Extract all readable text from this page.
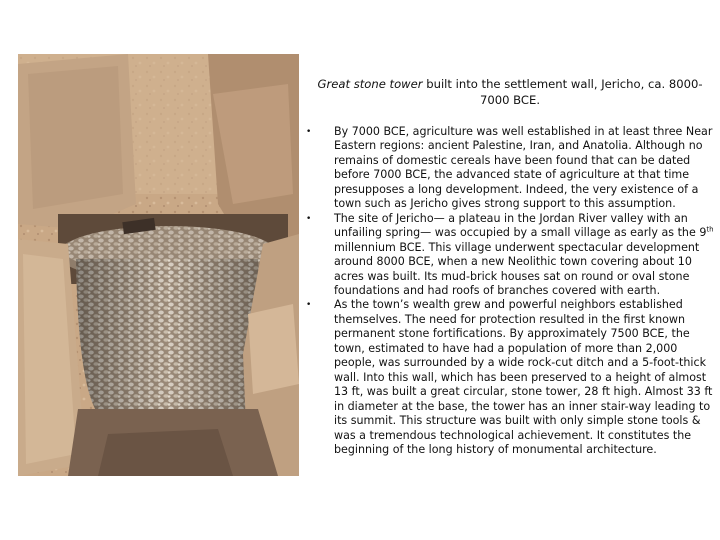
Great stone tower built into the settlement wall, Jericho, ca. 8000-7000 BCE.
• By 7000 BCE, agriculture was well established in at least three Near Eastern regions: ancient Palestine, Iran, and Anatolia. Although no remains of domestic cereals have been found that can be dated before 7000 BCE, the advanced state of agriculture at that time presupposes a long development. Indeed, the very existence of a town such as Jericho gives strong support to this assumption.
• The site of Jericho— a plateau in the Jordan River valley with an unfailing spring— was occupied by a small village as early as the 9th millennium BCE. This village underwent spectacular development around 8000 BCE, when a new Neolithic town covering about 10 acres was built. Its mud-brick houses sat on round or oval stone foundations and had roofs of branches covered with earth.
• As the town’s wealth grew and powerful neighbors established themselves. The need for protection resulted in the first known permanent stone fortifications. By approximately 7500 BCE, the town, estimated to have had a population of more than 2,000 people, was surrounded by a wide rock-cut ditch and a 5-foot-thick wall. Into this wall, which has been preserved to a height of almost 13 ft, was built a great circular, stone tower, 28 ft high. Almost 33 ft in diameter at the base, the tower has an inner stair-way leading to its summit. This structure was built with only simple stone tools & was a tremendous technological achievement. It constitutes the beginning of the long history of monumental architecture.
